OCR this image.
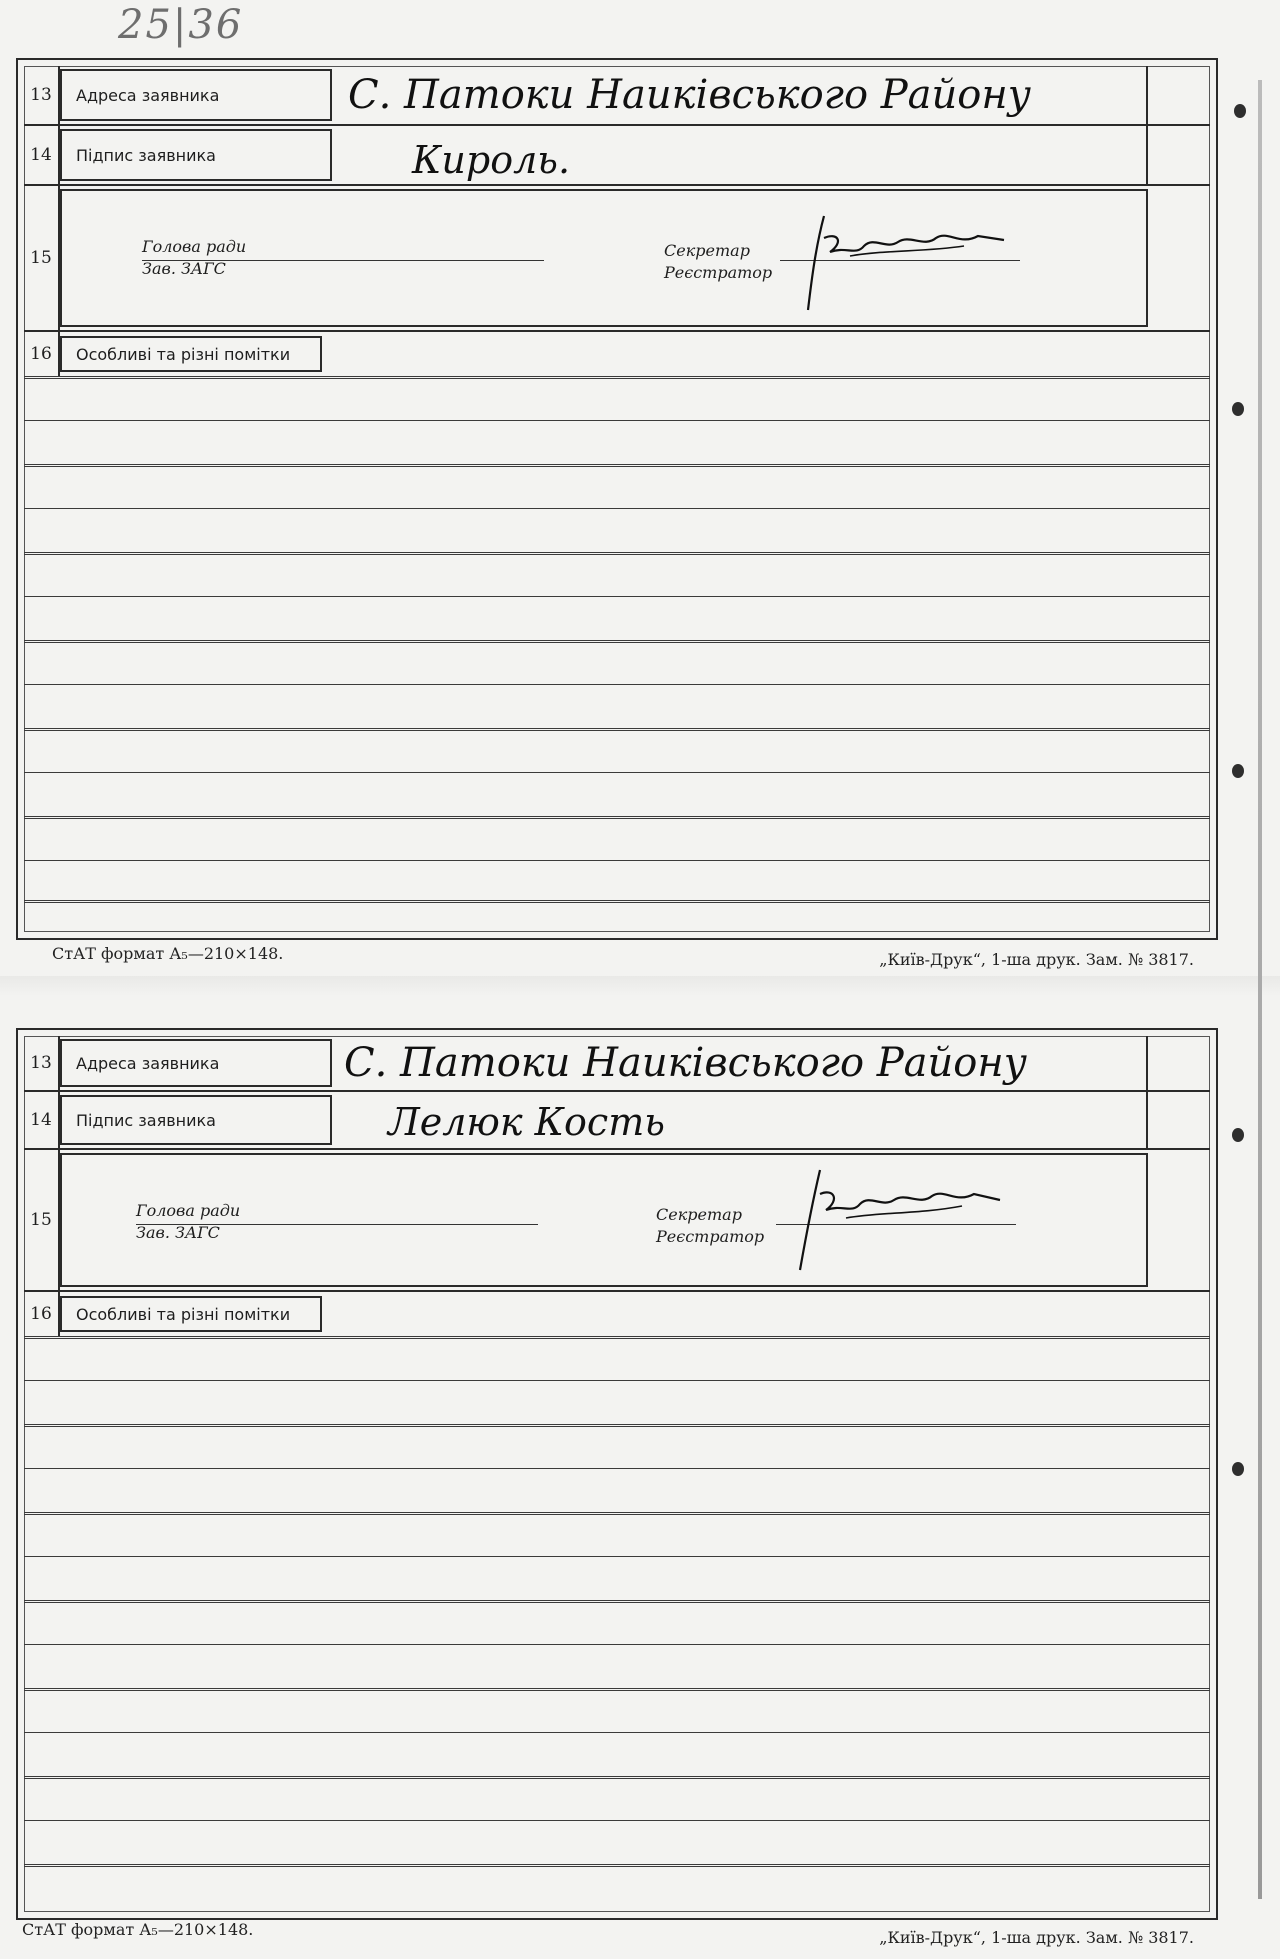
25|36
13	Адреса заявника	С. Патоки Наиківського Району
14	Підпис заявника	Кироль.
15
Голова ради
Зав. ЗАГС
Секретар
Реєстратор
16	Особливі та різні помітки
СтАТ формат А₅—210×148.	„Київ-Друк“, 1-ша друк. Зам. № 3817.
13	Адреса заявника	С. Патоки Наиківського Району
14	Підпис заявника	Лелюк Кость
15	Голова ради
Зав. ЗАГС
Секретар
Реєстратор
16	Особливі та різні помітки
СтАТ формат А₅—210×148.	„Київ-Друк“, 1-ша друк. Зам. № 3817.
